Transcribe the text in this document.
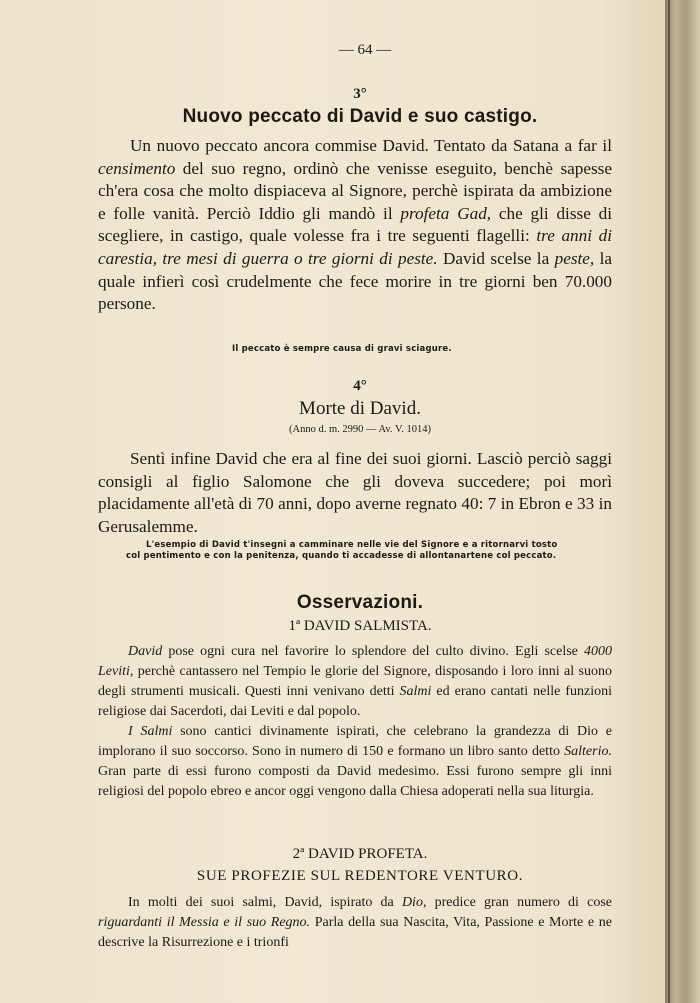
— 64 —
3°
Nuovo peccato di David e suo castigo.

Un nuovo peccato ancora commise David. Tentato da Satana a far il censimento del suo regno, ordinò che venisse eseguito, benchè sapesse ch'era cosa che molto dispiaceva al Signore, perchè ispirata da ambizione e folle vanità. Perciò Iddio gli mandò il profeta Gad, che gli disse di scegliere, in castigo, quale volesse fra i tre seguenti flagelli: tre anni di carestia, tre mesi di guerra o tre giorni di peste. David scelse la peste, la quale infierì così crudelmente che fece morire in tre giorni ben 70.000 persone.

Il peccato è sempre causa di gravi sciagure.
4°
Morte di David.
(Anno d. m. 2990 — Av. V. 1014)

Sentì infine David che era al fine dei suoi giorni. Lasciò perciò saggi consigli al figlio Salomone che gli doveva succedere; poi morì placidamente all'età di 70 anni, dopo averne regnato 40: 7 in Ebron e 33 in Gerusalemme.

L'esempio di David t'insegni a camminare nelle vie del Signore e a ritornarvi tosto col pentimento e con la penitenza, quando ti accadesse di allontanartene col peccato.
Osservazioni.
1ª DAVID SALMISTA.

David pose ogni cura nel favorire lo splendore del culto divino. Egli scelse 4000 Leviti, perchè cantassero nel Tempio le glorie del Signore, disposando i loro inni al suono degli strumenti musicali. Questi inni venivano detti Salmi ed erano cantati nelle funzioni religiose dai Sacerdoti, dai Leviti e dal popolo.

I Salmi sono cantici divinamente ispirati, che celebrano la grandezza di Dio e implorano il suo soccorso. Sono in numero di 150 e formano un libro santo detto Salterio. Gran parte di essi furono composti da David medesimo. Essi furono sempre gli inni religiosi del popolo ebreo e ancor oggi vengono dalla Chiesa adoperati nella sua liturgia.

2ª DAVID PROFETA.
SUE PROFEZIE SUL REDENTORE VENTURO.

In molti dei suoi salmi, David, ispirato da Dio, predice gran numero di cose riguardanti il Messia e il suo Regno. Parla della sua Nascita, Vita, Passione e Morte e ne descrive la Risurrezione e i trionfi
